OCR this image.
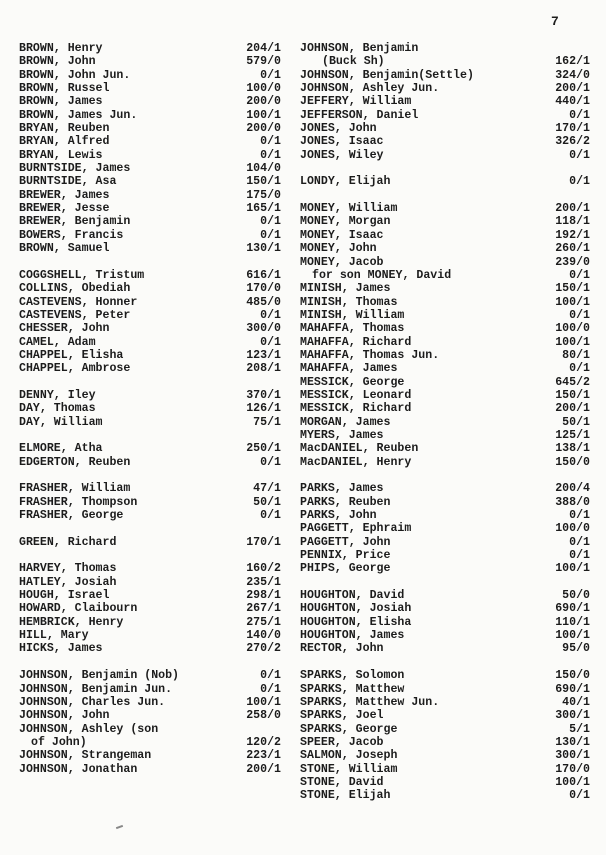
7
BROWN, Henry	204/1
BROWN, John	579/0
BROWN, John Jun.	0/1
BROWN, Russel	100/0
BROWN, James	200/0
BROWN, James Jun.	100/1
BRYAN, Reuben	200/0
BRYAN, Alfred	0/1
BRYAN, Lewis	0/1
BURNTSIDE, James	104/0
BURNTSIDE, Asa	150/1
BREWER, James	175/0
BREWER, Jesse	165/1
BREWER, Benjamin	0/1
BOWERS, Francis	0/1
BROWN, Samuel	130/1
COGGSHELL, Tristum	616/1
COLLINS, Obediah	170/0
CASTEVENS, Honner	485/0
CASTEVENS, Peter	0/1
CHESSER, John	300/0
CAMEL, Adam	0/1
CHAPPEL, Elisha	123/1
CHAPPEL, Ambrose	208/1
DENNY, Iley	370/1
DAY, Thomas	126/1
DAY, William	75/1
ELMORE, Atha	250/1
EDGERTON, Reuben	0/1
FRASHER, William	47/1
FRASHER, Thompson	50/1
FRASHER, George	0/1
GREEN, Richard	170/1
HARVEY, Thomas	160/2
HATLEY, Josiah	235/1
HOUGH, Israel	298/1
HOWARD, Claibourn	267/1
HEMBRICK, Henry	275/1
HILL, Mary	140/0
HICKS, James	270/2
JOHNSON, Benjamin (Nob)	0/1
JOHNSON, Benjamin Jun.	0/1
JOHNSON, Charles Jun.	100/1
JOHNSON, John	258/0
JOHNSON, Ashley (son
of John)	120/2
JOHNSON, Strangeman	223/1
JOHNSON, Jonathan	200/1
JOHNSON, Benjamin
(Buck Sh)	162/1
JOHNSON, Benjamin(Settle)	324/0
JOHNSON, Ashley Jun.	200/1
JEFFERY, William	440/1
JEFFERSON, Daniel	0/1
JONES, John	170/1
JONES, Isaac	326/2
JONES, Wiley	0/1
LONDY, Elijah	0/1
MONEY, William	200/1
MONEY, Morgan	118/1
MONEY, Isaac	192/1
MONEY, John	260/1
MONEY, Jacob	239/0
for son MONEY, David	0/1
MINISH, James	150/1
MINISH, Thomas	100/1
MINISH, William	0/1
MAHAFFA, Thomas	100/0
MAHAFFA, Richard	100/1
MAHAFFA, Thomas Jun.	80/1
MAHAFFA, James	0/1
MESSICK, George	645/2
MESSICK, Leonard	150/1
MESSICK, Richard	200/1
MORGAN, James	50/1
MYERS, James	125/1
MacDANIEL, Reuben	138/1
MacDANIEL, Henry	150/0
PARKS, James	200/4
PARKS, Reuben	388/0
PARKS, John	0/1
PAGGETT, Ephraim	100/0
PAGGETT, John	0/1
PENNIX, Price	0/1
PHIPS, George	100/1
HOUGHTON, David	50/0
HOUGHTON, Josiah	690/1
HOUGHTON, Elisha	110/1
HOUGHTON, James	100/1
RECTOR, John	95/0
SPARKS, Solomon	150/0
SPARKS, Matthew	690/1
SPARKS, Matthew Jun.	40/1
SPARKS, Joel	300/1
SPARKS, George	5/1
SPEER, Jacob	130/1
SALMON, Joseph	300/1
STONE, William	170/0
STONE, David	100/1
STONE, Elijah	0/1
